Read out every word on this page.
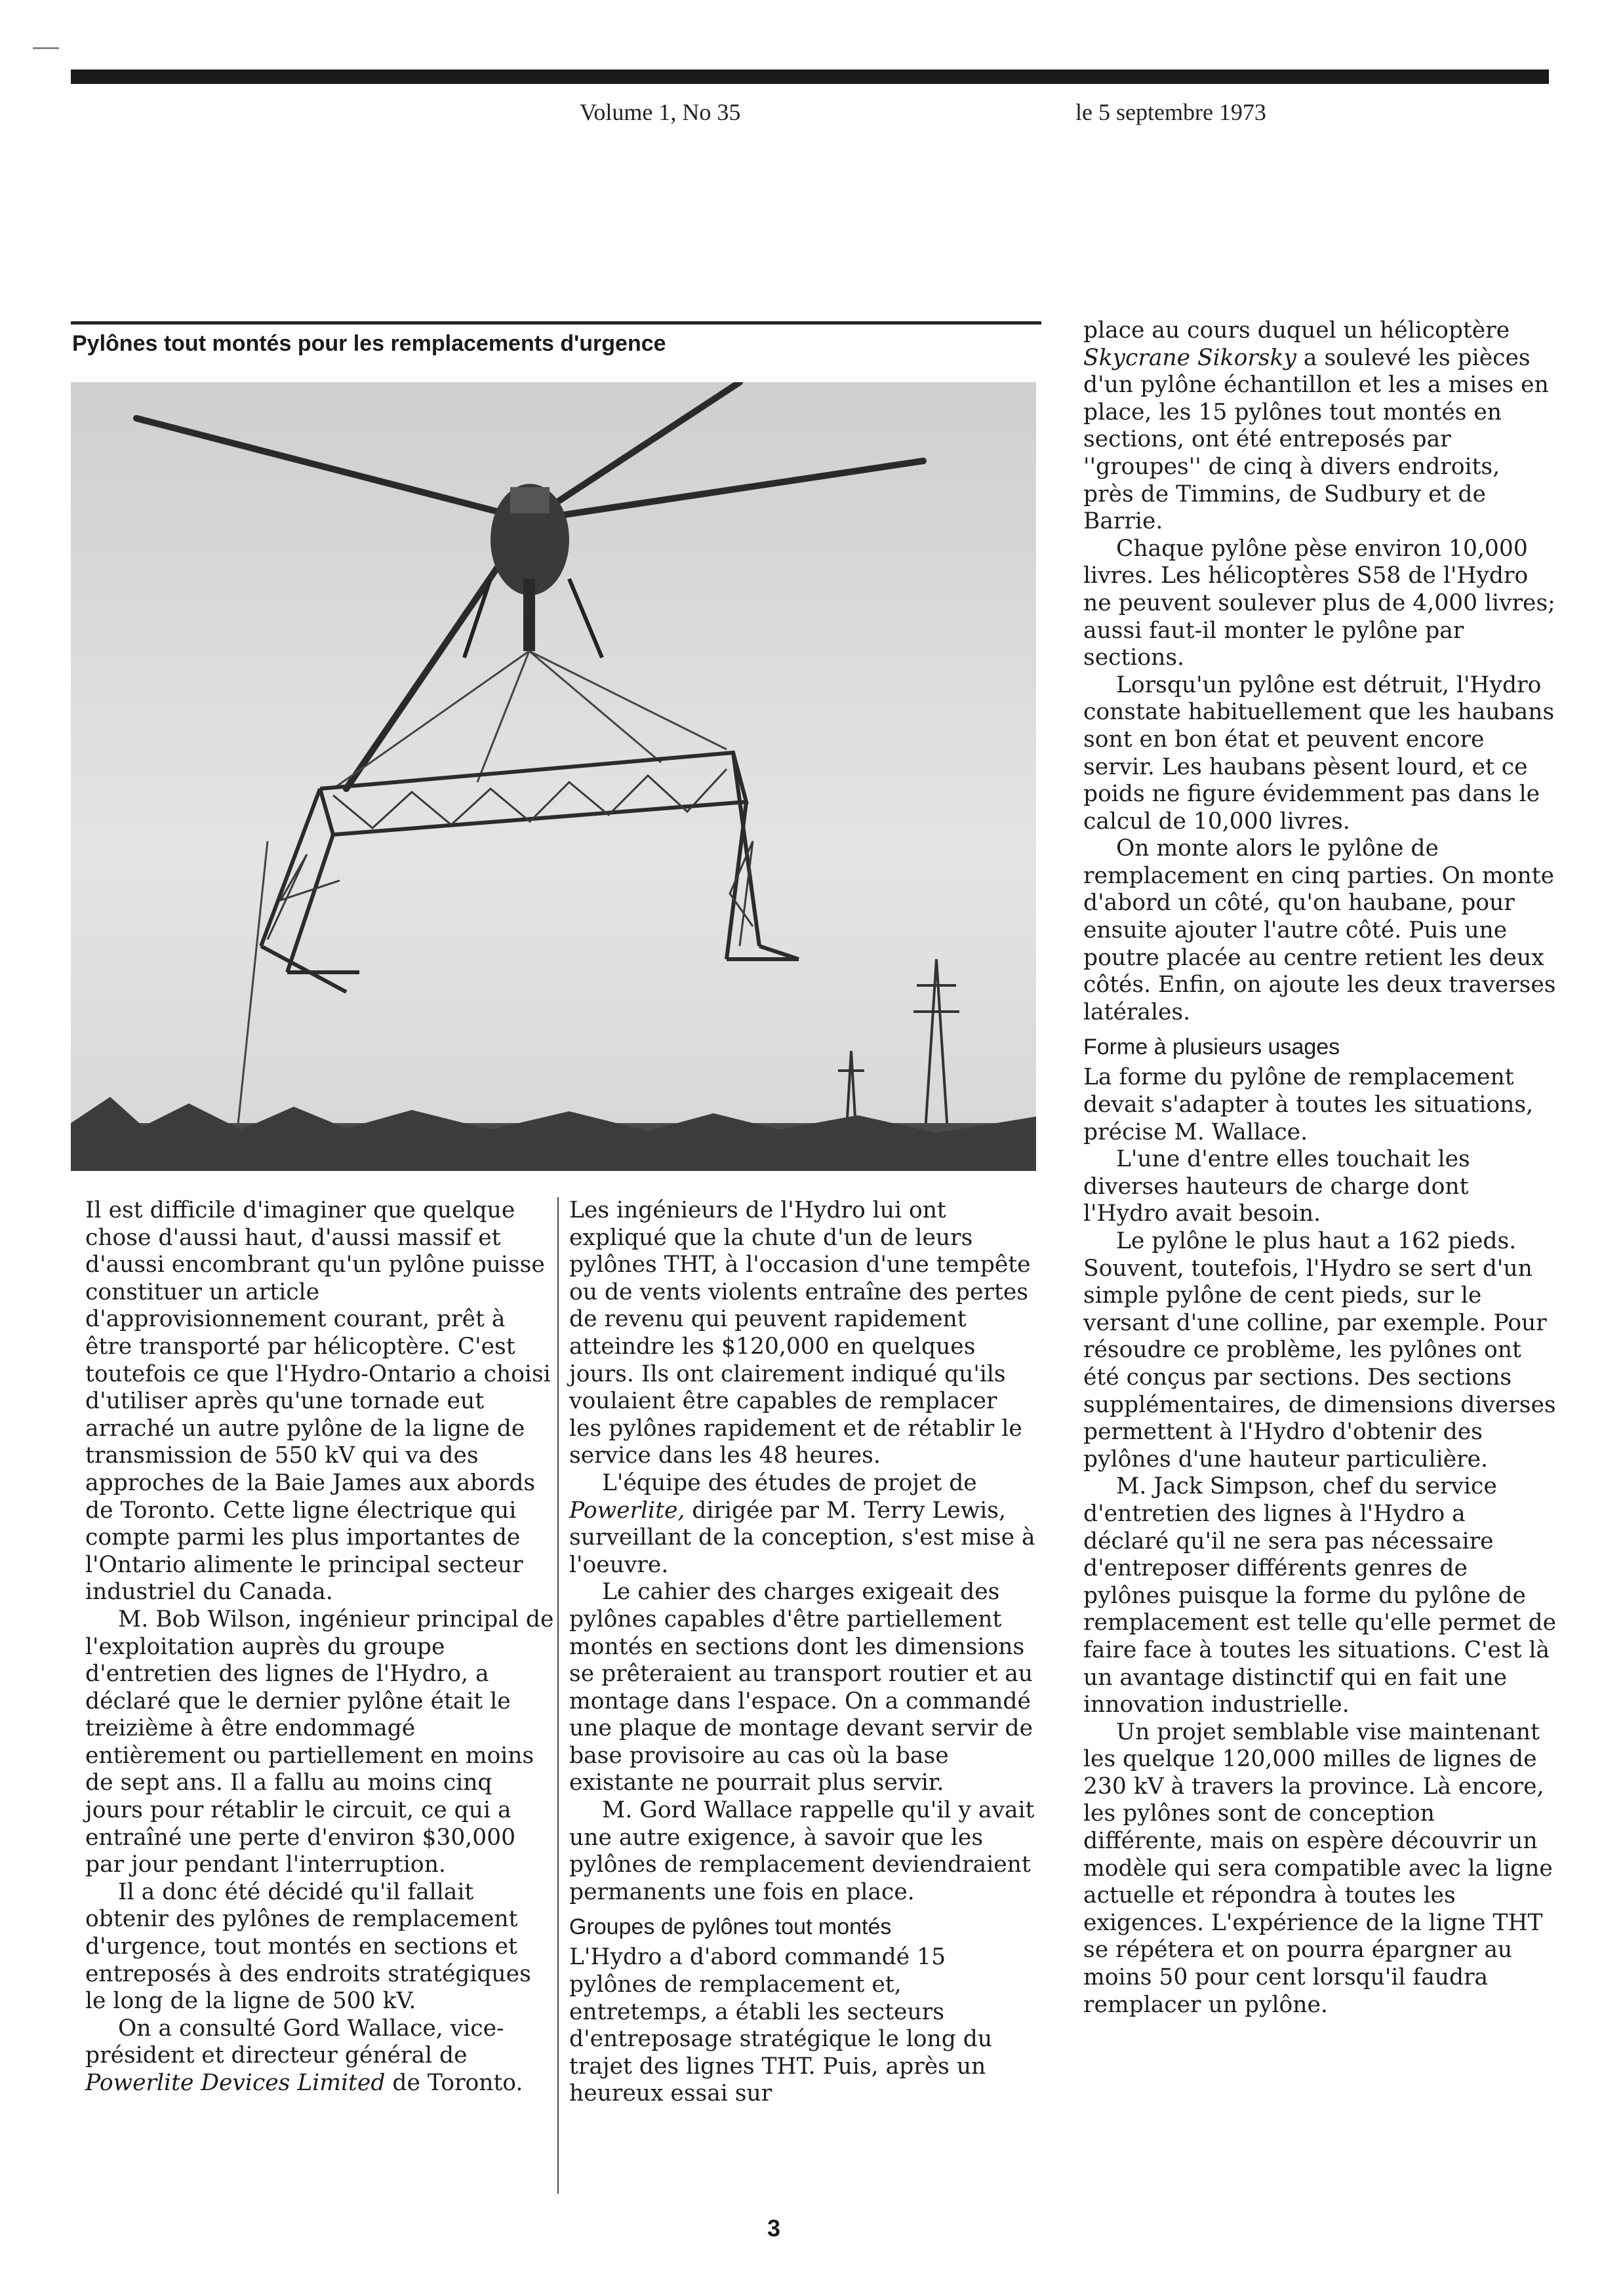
Volume 1, No 35	le 5 septembre 1973
Pylônes tout montés pour les remplacements d'urgence

Il est difficile d'imaginer que quelque chose d'aussi haut, d'aussi massif et d'aussi encombrant qu'un pylône puisse constituer un article d'approvisionnement courant, prêt à être transporté par hélicoptère. C'est toutefois ce que l'Hydro-Ontario a choisi d'utiliser après qu'une tornade eut arraché un autre pylône de la ligne de transmission de 550 kV qui va des approches de la Baie James aux abords de Toronto. Cette ligne électrique qui compte parmi les plus importantes de l'Ontario alimente le principal secteur industriel du Canada.

M. Bob Wilson, ingénieur principal de l'exploitation auprès du groupe d'entretien des lignes de l'Hydro, a déclaré que le dernier pylône était le treizième à être endommagé entièrement ou partiellement en moins de sept ans. Il a fallu au moins cinq jours pour rétablir le circuit, ce qui a entraîné une perte d'environ $30,000 par jour pendant l'interruption.

Il a donc été décidé qu'il fallait obtenir des pylônes de remplacement d'urgence, tout montés en sections et entreposés à des endroits stratégiques le long de la ligne de 500 kV.

On a consulté Gord Wallace, vice-président et directeur général de Powerlite Devices Limited de Toronto.

Les ingénieurs de l'Hydro lui ont expliqué que la chute d'un de leurs pylônes THT, à l'occasion d'une tempête ou de vents violents entraîne des pertes de revenu qui peuvent rapidement atteindre les $120,000 en quelques jours. Ils ont clairement indiqué qu'ils voulaient être capables de remplacer les pylônes rapidement et de rétablir le service dans les 48 heures.

L'équipe des études de projet de Powerlite, dirigée par M. Terry Lewis, surveillant de la conception, s'est mise à l'oeuvre.

Le cahier des charges exigeait des pylônes capables d'être partiellement montés en sections dont les dimensions se prêteraient au transport routier et au montage dans l'espace. On a commandé une plaque de montage devant servir de base provisoire au cas où la base existante ne pourrait plus servir.

M. Gord Wallace rappelle qu'il y avait une autre exigence, à savoir que les pylônes de remplacement deviendraient permanents une fois en place.

Groupes de pylônes tout montés

L'Hydro a d'abord commandé 15 pylônes de remplacement et, entretemps, a établi les secteurs d'entreposage stratégique le long du trajet des lignes THT. Puis, après un heureux essai sur

place au cours duquel un hélicoptère Skycrane Sikorsky a soulevé les pièces d'un pylône échantillon et les a mises en place, les 15 pylônes tout montés en sections, ont été entreposés par ''groupes'' de cinq à divers endroits, près de Timmins, de Sudbury et de Barrie.

Chaque pylône pèse environ 10,000 livres. Les hélicoptères S58 de l'Hydro ne peuvent soulever plus de 4,000 livres; aussi faut-il monter le pylône par sections.

Lorsqu'un pylône est détruit, l'Hydro constate habituellement que les haubans sont en bon état et peuvent encore servir. Les haubans pèsent lourd, et ce poids ne figure évidemment pas dans le calcul de 10,000 livres.

On monte alors le pylône de remplacement en cinq parties. On monte d'abord un côté, qu'on haubane, pour ensuite ajouter l'autre côté. Puis une poutre placée au centre retient les deux côtés. Enfin, on ajoute les deux traverses latérales.

Forme à plusieurs usages

La forme du pylône de remplacement devait s'adapter à toutes les situations, précise M. Wallace.

L'une d'entre elles touchait les diverses hauteurs de charge dont l'Hydro avait besoin.

Le pylône le plus haut a 162 pieds. Souvent, toutefois, l'Hydro se sert d'un simple pylône de cent pieds, sur le versant d'une colline, par exemple. Pour résoudre ce problème, les pylônes ont été conçus par sections. Des sections supplémentaires, de dimensions diverses permettent à l'Hydro d'obtenir des pylônes d'une hauteur particulière.

M. Jack Simpson, chef du service d'entretien des lignes à l'Hydro a déclaré qu'il ne sera pas nécessaire d'entreposer différents genres de pylônes puisque la forme du pylône de remplacement est telle qu'elle permet de faire face à toutes les situations. C'est là un avantage distinctif qui en fait une innovation industrielle.

Un projet semblable vise maintenant les quelque 120,000 milles de lignes de 230 kV à travers la province. Là encore, les pylônes sont de conception différente, mais on espère découvrir un modèle qui sera compatible avec la ligne actuelle et répondra à toutes les exigences. L'expérience de la ligne THT se répétera et on pourra épargner au moins 50 pour cent lorsqu'il faudra remplacer un pylône.

3
